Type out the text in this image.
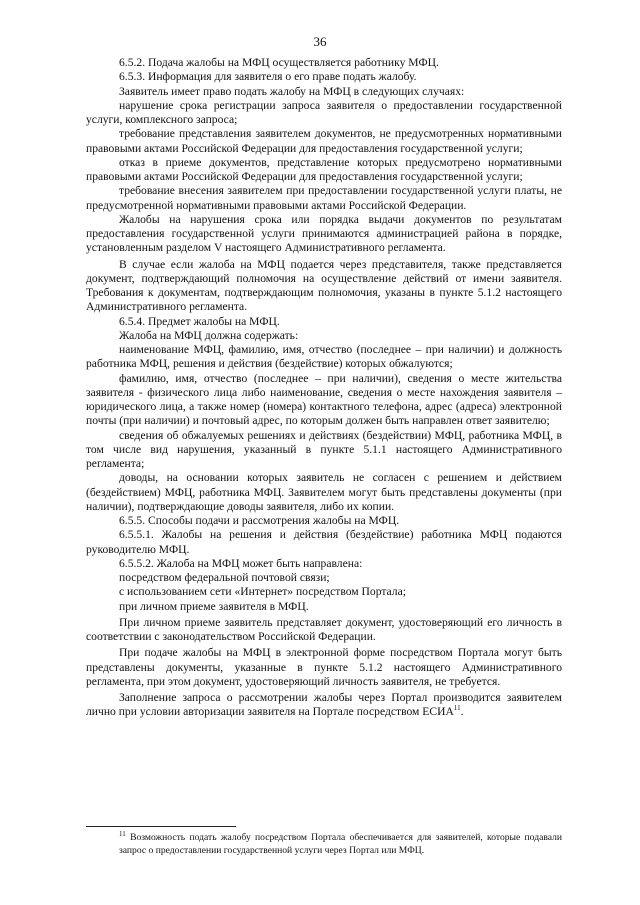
36

6.5.2. Подача жалобы на МФЦ осуществляется работнику МФЦ.

6.5.3. Информация для заявителя о его праве подать жалобу.

Заявитель имеет право подать жалобу на МФЦ в следующих случаях:

нарушение срока регистрации запроса заявителя о предоставлении государственной услуги, комплексного запроса;

требование представления заявителем документов, не предусмотренных нормативными правовыми актами Российской Федерации для предоставления государственной услуги;

отказ в приеме документов, представление которых предусмотрено нормативными правовыми актами Российской Федерации для предоставления государственной услуги;

требование внесения заявителем при предоставлении государственной услуги платы, не предусмотренной нормативными правовыми актами Российской Федерации.

Жалобы на нарушения срока или порядка выдачи документов по результатам предоставления государственной услуги принимаются администрацией района в порядке, установленным разделом V настоящего Административного регламента.

В случае если жалоба на МФЦ подается через представителя, также представляется документ, подтверждающий полномочия на осуществление действий от имени заявителя. Требования к документам, подтверждающим полномочия, указаны в пункте 5.1.2 настоящего Административного регламента.

6.5.4. Предмет жалобы на МФЦ.

Жалоба на МФЦ должна содержать:

наименование МФЦ, фамилию, имя, отчество (последнее – при наличии) и должность работника МФЦ, решения и действия (бездействие) которых обжалуются;

фамилию, имя, отчество (последнее – при наличии), сведения о месте жительства заявителя - физического лица либо наименование, сведения о месте нахождения заявителя – юридического лица, а также номер (номера) контактного телефона, адрес (адреса) электронной почты (при наличии) и почтовый адрес, по которым должен быть направлен ответ заявителю;

сведения об обжалуемых решениях и действиях (бездействии) МФЦ, работника МФЦ, в том числе вид нарушения, указанный в пункте 5.1.1 настоящего Административного регламента;

доводы, на основании которых заявитель не согласен с решением и действием (бездействием) МФЦ, работника МФЦ. Заявителем могут быть представлены документы (при наличии), подтверждающие доводы заявителя, либо их копии.

6.5.5. Способы подачи и рассмотрения жалобы на МФЦ.

6.5.5.1. Жалобы на решения и действия (бездействие) работника МФЦ подаются руководителю МФЦ.

6.5.5.2. Жалоба на МФЦ может быть направлена:

посредством федеральной почтовой связи;

с использованием сети «Интернет» посредством Портала;

при личном приеме заявителя в МФЦ.

При личном приеме заявитель представляет документ, удостоверяющий его личность в соответствии с законодательством Российской Федерации.

При подаче жалобы на МФЦ в электронной форме посредством Портала могут быть представлены документы, указанные в пункте 5.1.2 настоящего Административного регламента, при этом документ, удостоверяющий личность заявителя, не требуется.

Заполнение запроса о рассмотрении жалобы через Портал производится заявителем лично при условии авторизации заявителя на Портале посредством ЕСИА$^{11}$.

$^{11}$ Возможность подать жалобу посредством Портала обеспечивается для заявителей, которые подавали запрос о предоставлении государственной услуги через Портал или МФЦ.
